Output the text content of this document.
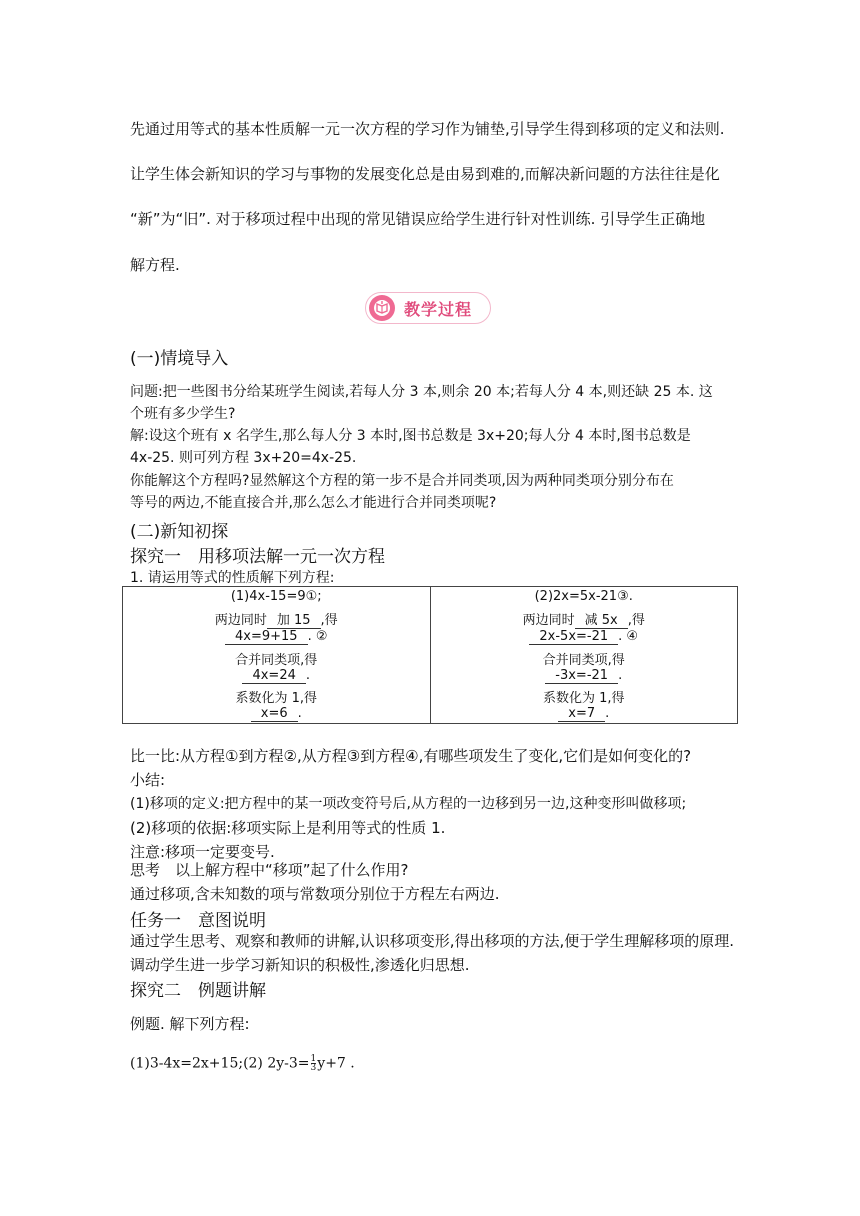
先通过用等式的基本性质解一元一次方程的学习作为铺垫,引导学生得到移项的定义和法则.
让学生体会新知识的学习与事物的发展变化总是由易到难的,而解决新问题的方法往往是化
“新”为“旧”. 对于移项过程中出现的常见错误应给学生进行针对性训练. 引导学生正确地
解方程.
教学过程
(一)情境导入
问题:把一些图书分给某班学生阅读,若每人分 3 本,则余 20 本;若每人分 4 本,则还缺 25 本. 这
个班有多少学生?
解:设这个班有 x 名学生,那么每人分 3 本时,图书总数是 3x+20;每人分 4 本时,图书总数是
4x-25. 则可列方程 3x+20=4x-25.
你能解这个方程吗?显然解这个方程的第一步不是合并同类项,因为两种同类项分别分布在
等号的两边,不能直接合并,那么怎么才能进行合并同类项呢?
(二)新知初探
探究一　用移项法解一元一次方程
1. 请运用等式的性质解下列方程:
(1)4x-15=9①;
两边同时 加 15 ,得
4x=9+15 . ②
合并同类项,得
4x=24 .
系数化为 1,得
x=6 .

(2)2x=5x-21③.
两边同时 减 5x ,得
2x-5x=-21 . ④
合并同类项,得
-3x=-21 .
系数化为 1,得
x=7 .
比一比:从方程①到方程②,从方程③到方程④,有哪些项发生了变化,它们是如何变化的?
小结:
(1)移项的定义:把方程中的某一项改变符号后,从方程的一边移到另一边,这种变形叫做移项;
(2)移项的依据:移项实际上是利用等式的性质 1.
注意:移项一定要变号.
思考　以上解方程中“移项”起了什么作用?
通过移项,含未知数的项与常数项分别位于方程左右两边.
任务一　意图说明
通过学生思考、观察和教师的讲解,认识移项变形,得出移项的方法,便于学生理解移项的原理.
调动学生进一步学习新知识的积极性,渗透化归思想.
探究二　例题讲解
例题. 解下列方程:
(1)3-4x=2x+15;(2) $2y-3= \frac{1}{3} y+7$ .
